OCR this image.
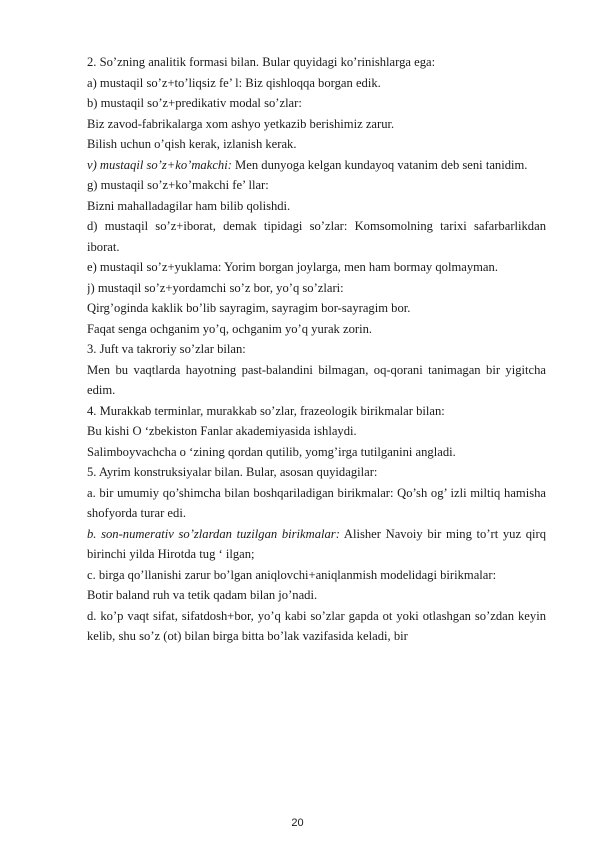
2. So’zning analitik formasi bilan. Bular quyidagi ko’rinishlarga ega:
a) mustaqil so’z+to’liqsiz fe’ l: Biz qishloqqa borgan edik.
b) mustaqil so’z+predikativ modal so’zlar:
Biz zavod-fabrikalarga xom ashyo yetkazib berishimiz zarur.
Bilish uchun o’qish kerak, izlanish kerak.
v) mustaqil so’z+ko’makchi: Men dunyoga kelgan kundayoq vatanim deb seni tanidim.
g) mustaqil so’z+ko’makchi fe’ llar:
Bizni mahalladagilar ham bilib qolishdi.
d) mustaqil so’z+iborat, demak tipidagi so’zlar: Komsomolning tarixi safarbarlikdan iborat.
e) mustaqil so’z+yuklama: Yorim borgan joylarga, men ham bormay qolmayman.
j) mustaqil so’z+yordamchi so’z bor, yo’q so’zlari:
Qirg’oginda kaklik bo’lib sayragim, sayragim bor-sayragim bor.
Faqat senga ochganim yo’q, ochganim yo’q yurak zorin.
3. Juft va takroriy so’zlar bilan:
Men bu vaqtlarda hayotning past-balandini bilmagan, oq-qorani tanimagan bir yigitcha edim.
4. Murakkab terminlar, murakkab so’zlar, frazeologik birikmalar bilan:
Bu kishi O ‘zbekiston Fanlar akademiyasida ishlaydi.
Salimboyvachcha o ‘zining qordan qutilib, yomg’irga tutilganini angladi.
5. Ayrim konstruksiyalar bilan. Bular, asosan quyidagilar:
a. bir umumiy qo’shimcha bilan boshqariladigan birikmalar: Qo’sh og’ izli miltiq hamisha shofyorda turar edi.
b. son-numerativ so’zlardan tuzilgan birikmalar: Alisher Navoiy bir ming to’rt yuz qirq birinchi yilda Hirotda tug ‘ ilgan;
c. birga qo’llanishi zarur bo’lgan aniqlovchi+aniqlanmish modelidagi birikmalar:
Botir baland ruh va tetik qadam bilan jo’nadi.
d. ko’p vaqt sifat, sifatdosh+bor, yo’q kabi so’zlar gapda ot yoki otlashgan so’zdan keyin kelib, shu so’z (ot) bilan birga bitta bo’lak vazifasida keladi, bir
20
